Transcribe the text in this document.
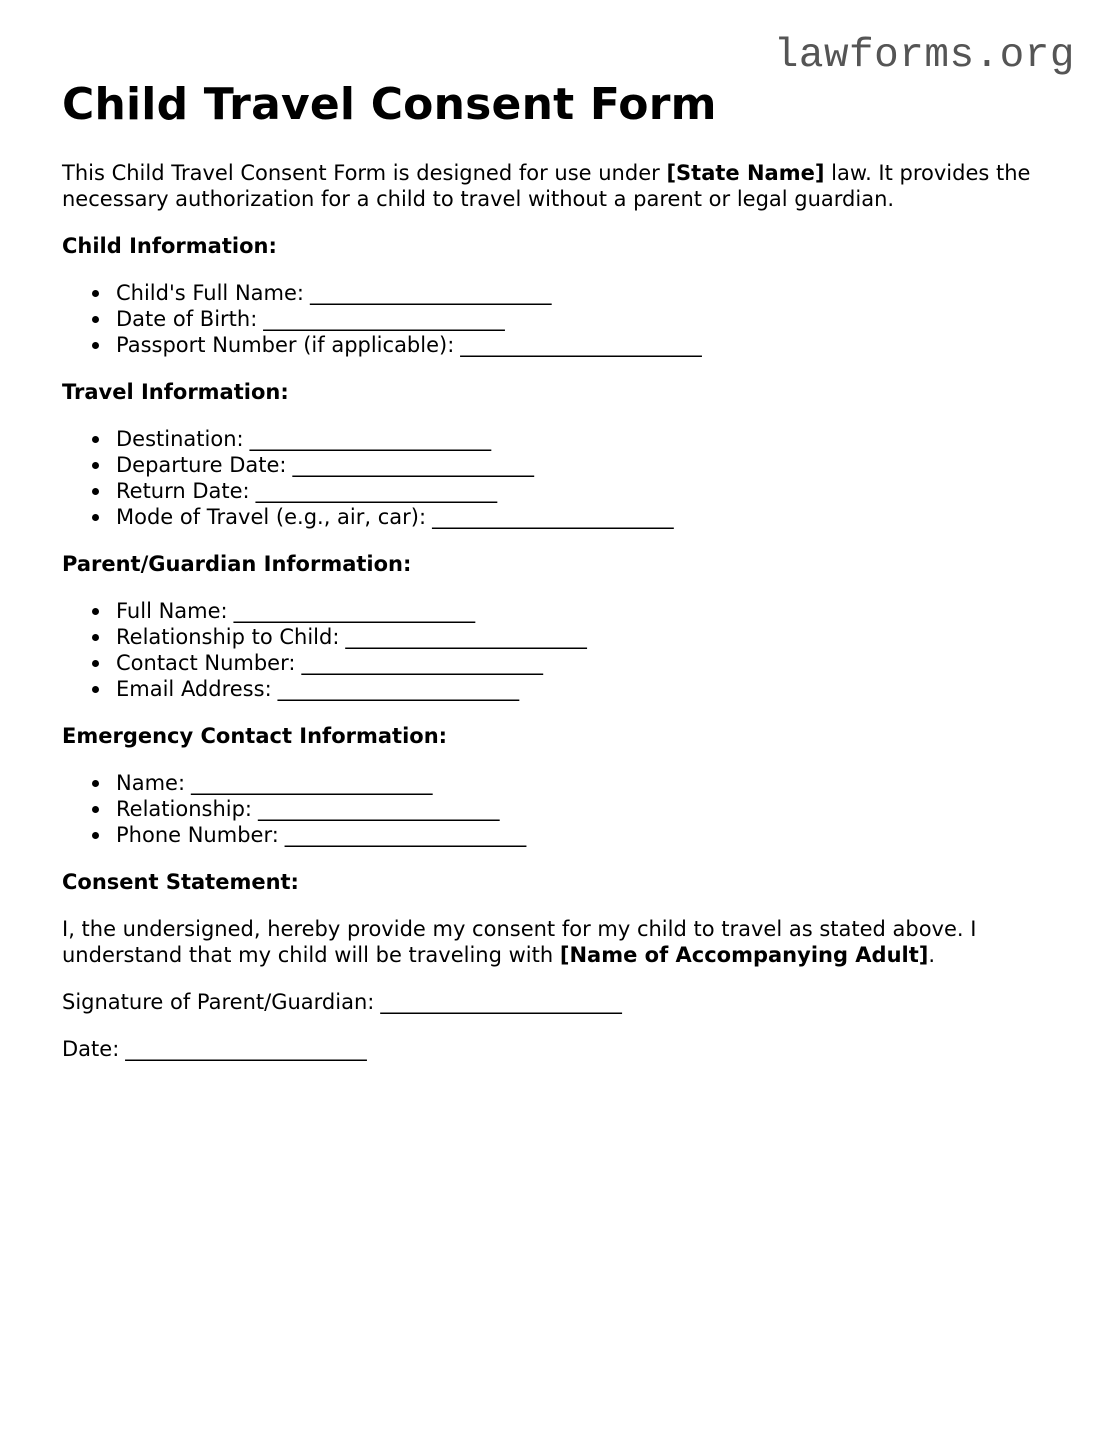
lawforms.org
Child Travel Consent Form

This Child Travel Consent Form is designed for use under [State Name] law. It provides the necessary authorization for a child to travel without a parent or legal guardian.

Child Information:
Child's Full Name: _______________________
Date of Birth: _______________________
Passport Number (if applicable): _______________________
Travel Information:
Destination: _______________________
Departure Date: _______________________
Return Date: _______________________
Mode of Travel (e.g., air, car): _______________________
Parent/Guardian Information:
Full Name: _______________________
Relationship to Child: _______________________
Contact Number: _______________________
Email Address: _______________________
Emergency Contact Information:
Name: _______________________
Relationship: _______________________
Phone Number: _______________________
Consent Statement:

I, the undersigned, hereby provide my consent for my child to travel as stated above. I understand that my child will be traveling with [Name of Accompanying Adult].

Signature of Parent/Guardian: _______________________

Date: _______________________
